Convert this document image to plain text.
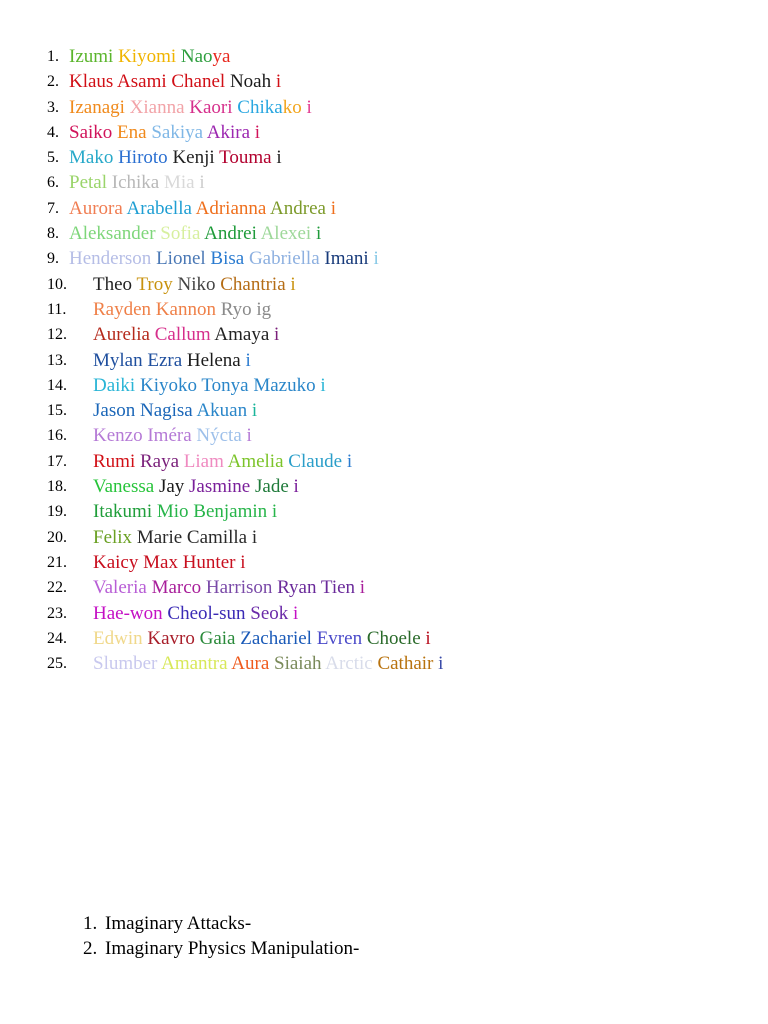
1. Izumi Kiyomi Naoya
2. Klaus Asami Chanel Noah i
3. Izanagi Xianna Kaori Chikako i
4. Saiko Ena Sakiya Akira i
5. Mako Hiroto Kenji Touma i
6. Petal Ichika Mia i
7. Aurora Arabella Adrianna Andrea i
8. Aleksander Sofia Andrei Alexei i
9. Henderson Lionel Bisa Gabriella Imani i
10. Theo Troy Niko Chantria i
11. Rayden Kannon Ryo ig
12. Aurelia Callum Amaya i
13. Mylan Ezra Helena i
14. Daiki Kiyoko Tonya Mazuko i
15. Jason Nagisa Akuan i
16. Kenzo Iméra Nýcta i
17. Rumi Raya Liam Amelia Claude i
18. Vanessa Jay Jasmine Jade i
19. Itakumi Mio Benjamin i
20. Felix Marie Camilla i
21. Kaicy Max Hunter i
22. Valeria Marco Harrison Ryan Tien i
23. Hae-won Cheol-sun Seok i
24. Edwin Kavro Gaia Zachariel Evren Choele i
25. Slumber Amantra Aura Siaiah Arctic Cathair i
1. Imaginary Attacks-
2. Imaginary Physics Manipulation-
